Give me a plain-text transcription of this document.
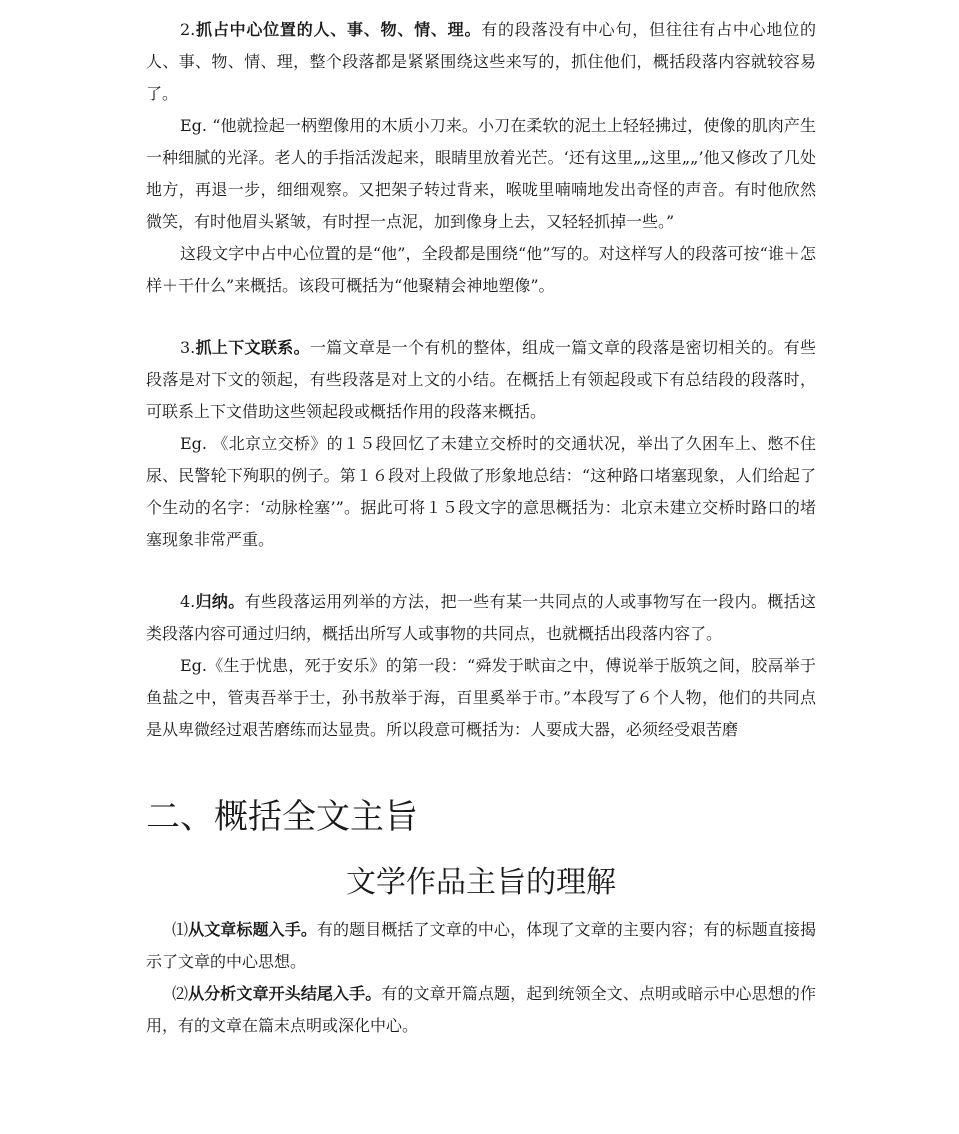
2.抓占中心位置的人、事、物、情、理。有的段落没有中心句，但往往有占中心地位的人、事、物、情、理，整个段落都是紧紧围绕这些来写的，抓住他们，概括段落内容就较容易了。

Eg. “他就捡起一柄塑像用的木质小刀来。小刀在柔软的泥土上轻轻拂过，使像的肌肉产生一种细腻的光泽。老人的手指活泼起来，眼睛里放着光芒。‘还有这里„„这里„„’他又修改了几处地方，再退一步，细细观察。又把架子转过背来，喉咙里喃喃地发出奇怪的声音。有时他欣然微笑，有时他眉头紧皱，有时捏一点泥，加到像身上去，又轻轻抓掉一些。”

这段文字中占中心位置的是“他”，全段都是围绕“他”写的。对这样写人的段落可按“谁＋怎样＋干什么”来概括。该段可概括为“他聚精会神地塑像”。

3.抓上下文联系。一篇文章是一个有机的整体，组成一篇文章的段落是密切相关的。有些段落是对下文的领起，有些段落是对上文的小结。在概括上有领起段或下有总结段的段落时，可联系上下文借助这些领起段或概括作用的段落来概括。

Eg. 《北京立交桥》的１５段回忆了未建立交桥时的交通状况，举出了久困车上、憋不住尿、民警轮下殉职的例子。第１６段对上段做了形象地总结：“这种路口堵塞现象，人们给起了个生动的名字：‘动脉栓塞’”。据此可将１５段文字的意思概括为：北京未建立交桥时路口的堵塞现象非常严重。

4.归纳。有些段落运用列举的方法，把一些有某一共同点的人或事物写在一段内。概括这类段落内容可通过归纳，概括出所写人或事物的共同点，也就概括出段落内容了。

Eg.《生于忧患，死于安乐》的第一段：“舜发于畎亩之中，傅说举于版筑之间，胶鬲举于鱼盐之中，管夷吾举于士，孙书敖举于海，百里奚举于市。”本段写了６个人物，他们的共同点是从卑微经过艰苦磨练而达显贵。所以段意可概括为：人要成大器，必须经受艰苦磨

二、概括全文主旨
文学作品主旨的理解

⑴从文章标题入手。有的题目概括了文章的中心，体现了文章的主要内容；有的标题直接揭示了文章的中心思想。

⑵从分析文章开头结尾入手。有的文章开篇点题，起到统领全文、点明或暗示中心思想的作用，有的文章在篇末点明或深化中心。
